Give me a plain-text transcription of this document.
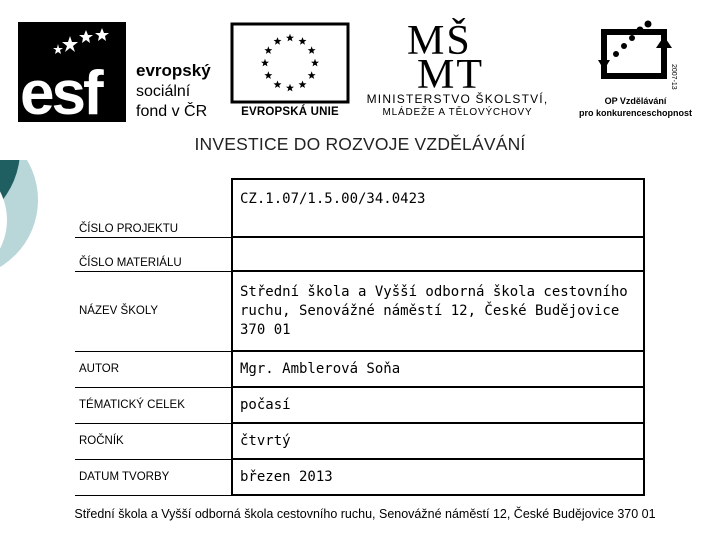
esf evropský
sociální
fond v ČR	EVROPSKÁ UNIE
MŠ
MT
MINISTERSTVO ŠKOLSTVÍ,
MLÁDEŽE A TĚLOVÝCHOVY
2007-13
OP Vzdělávání
pro konkurenceschopnost
INVESTICE DO ROZVOJE VZDĚLÁVÁNÍ
ČÍSLO PROJEKTU	CZ.1.07/1.5.00/34.0423
ČÍSLO MATERIÁLU	
NÁZEV ŠKOLY	Střední škola a Vyšší odborná škola cestovního ruchu, Senovážné náměstí 12, České Budějovice 370 01
AUTOR	Mgr. Amblerová Soňa
TÉMATICKÝ CELEK	počasí
ROČNÍK	čtvrtý
DATUM TVORBY	březen 2013
Střední škola a Vyšší odborná škola cestovního ruchu, Senovážné náměstí 12, České Budějovice 370 01
